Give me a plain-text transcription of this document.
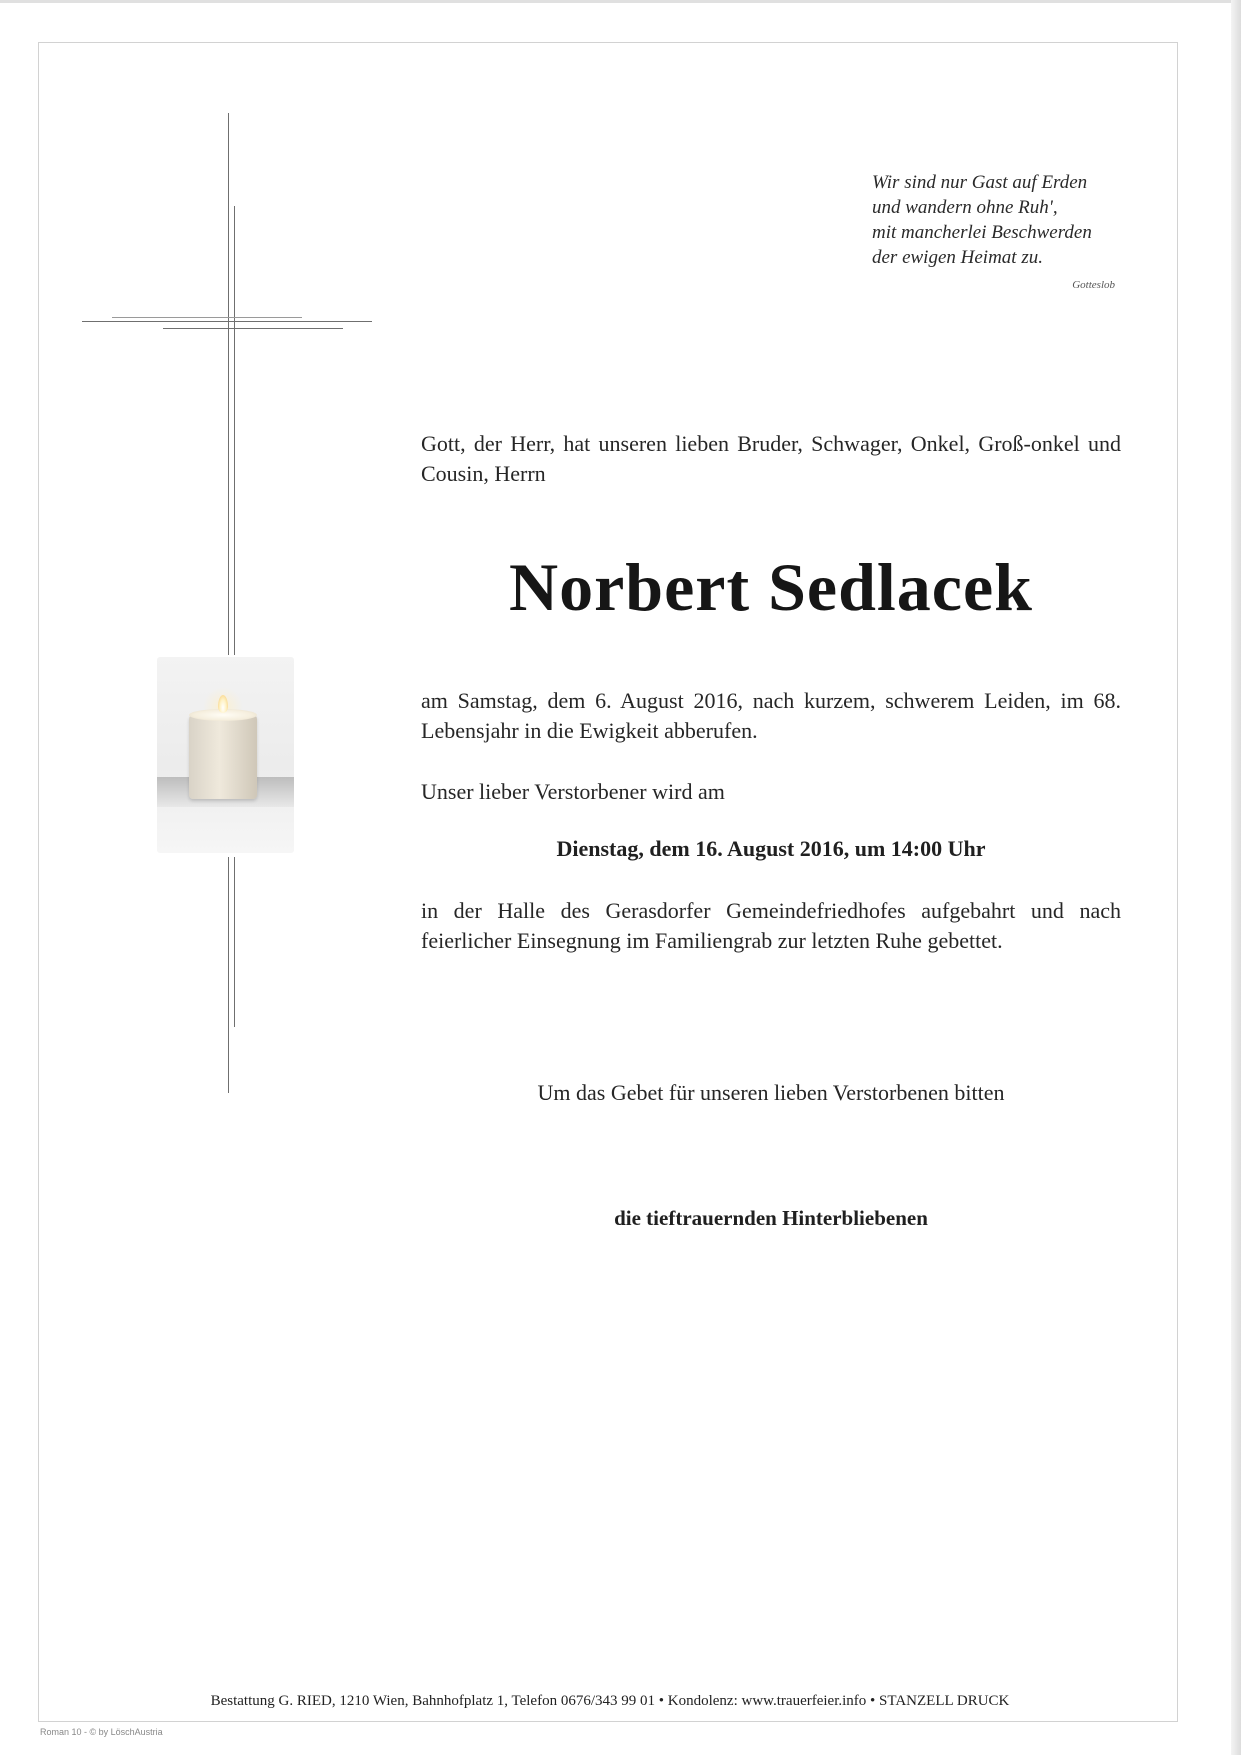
Wir sind nur Gast auf Erden

und wandern ohne Ruh',

mit mancherlei Beschwerden

der ewigen Heimat zu.

Gotteslob
Gott, der Herr, hat unseren lieben Bruder, Schwager, Onkel, Groß-onkel und Cousin, Herrn
Norbert Sedlacek
am Samstag, dem 6. August 2016, nach kurzem, schwerem Leiden, im 68. Lebensjahr in die Ewigkeit abberufen.
Unser lieber Verstorbener wird am
Dienstag, dem 16. August 2016, um 14:00 Uhr
in der Halle des Gerasdorfer Gemeindefriedhofes aufgebahrt und nach feierlicher Einsegnung im Familiengrab zur letzten Ruhe gebettet.
Um das Gebet für unseren lieben Verstorbenen bitten
die tieftrauernden Hinterbliebenen
Bestattung G. RIED, 1210 Wien, Bahnhofplatz 1, Telefon 0676/343 99 01 • Kondolenz: www.trauerfeier.info • STANZELL DRUCK
Roman 10 - © by LöschAustria
